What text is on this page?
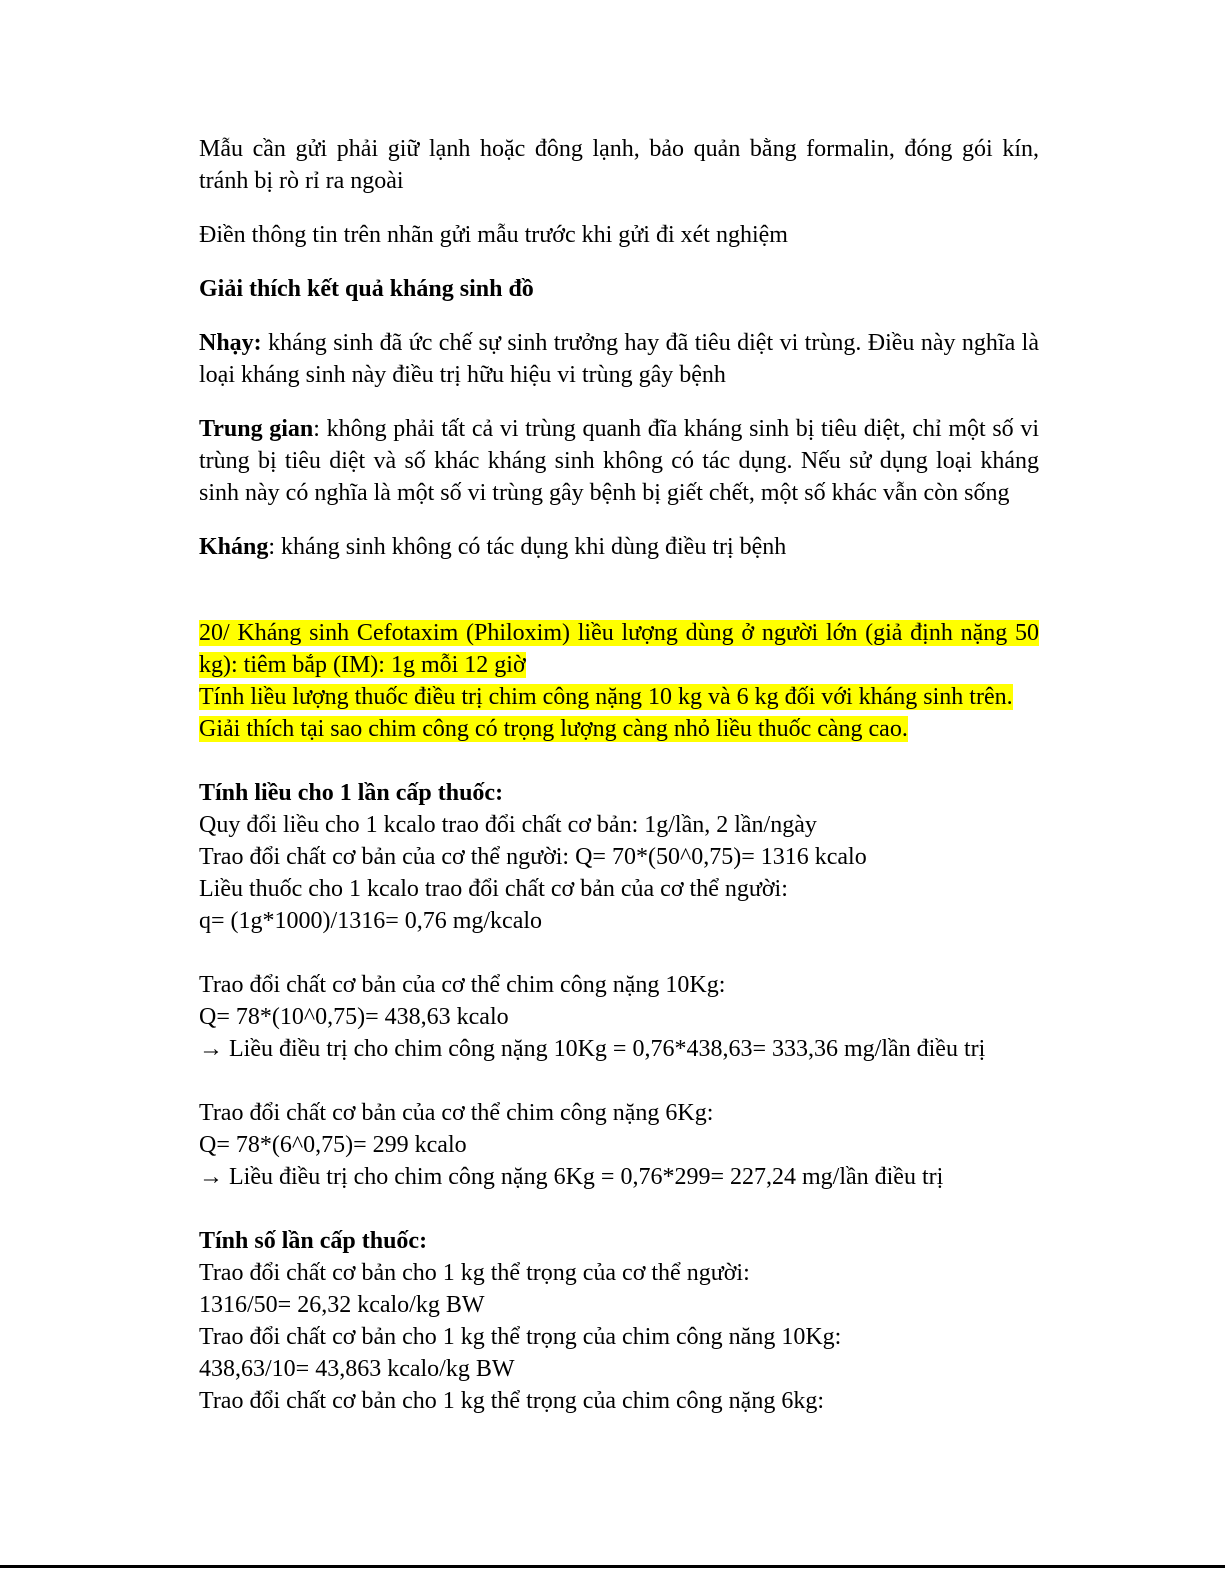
Mẫu cần gửi phải giữ lạnh hoặc đông lạnh, bảo quản bằng formalin, đóng gói kín, tránh bị rò rỉ ra ngoài

Điền thông tin trên nhãn gửi mẫu trước khi gửi đi xét nghiệm

Giải thích kết quả kháng sinh đồ

Nhạy: kháng sinh đã ức chế sự sinh trưởng hay đã tiêu diệt vi trùng. Điều này nghĩa là loại kháng sinh này điều trị hữu hiệu vi trùng gây bệnh

Trung gian: không phải tất cả vi trùng quanh đĩa kháng sinh bị tiêu diệt, chỉ một số vi trùng bị tiêu diệt và số khác kháng sinh không có tác dụng. Nếu sử dụng loại kháng sinh này có nghĩa là một số vi trùng gây bệnh bị giết chết, một số khác vẫn còn sống

Kháng: kháng sinh không có tác dụng khi dùng điều trị bệnh

20/ Kháng sinh Cefotaxim (Philoxim) liều lượng dùng ở người lớn (giả định nặng 50 kg): tiêm bắp (IM): 1g mỗi 12 giờ
Tính liều lượng thuốc điều trị chim công nặng 10 kg và 6 kg đối với kháng sinh trên.
Giải thích tại sao chim công có trọng lượng càng nhỏ liều thuốc càng cao.
Tính liều cho 1 lần cấp thuốc:
Quy đổi liều cho 1 kcalo trao đổi chất cơ bản: 1g/lần, 2 lần/ngày
Trao đổi chất cơ bản của cơ thể người: Q= 70*(50^0,75)= 1316 kcalo
Liều thuốc cho 1 kcalo trao đổi chất cơ bản của cơ thể người:
q= (1g*1000)/1316= 0,76 mg/kcalo
Trao đổi chất cơ bản của cơ thể chim công nặng 10Kg:
Q= 78*(10^0,75)= 438,63 kcalo
→ Liều điều trị cho chim công nặng 10Kg = 0,76*438,63= 333,36 mg/lần điều trị
Trao đổi chất cơ bản của cơ thể chim công nặng 6Kg:
Q= 78*(6^0,75)= 299 kcalo
→ Liều điều trị cho chim công nặng 6Kg = 0,76*299= 227,24 mg/lần điều trị
Tính số lần cấp thuốc:
Trao đổi chất cơ bản cho 1 kg thể trọng của cơ thể người:
1316/50= 26,32 kcalo/kg BW
Trao đổi chất cơ bản cho 1 kg thể trọng của chim công năng 10Kg:
438,63/10= 43,863 kcalo/kg BW
Trao đổi chất cơ bản cho 1 kg thể trọng của chim công nặng 6kg:
